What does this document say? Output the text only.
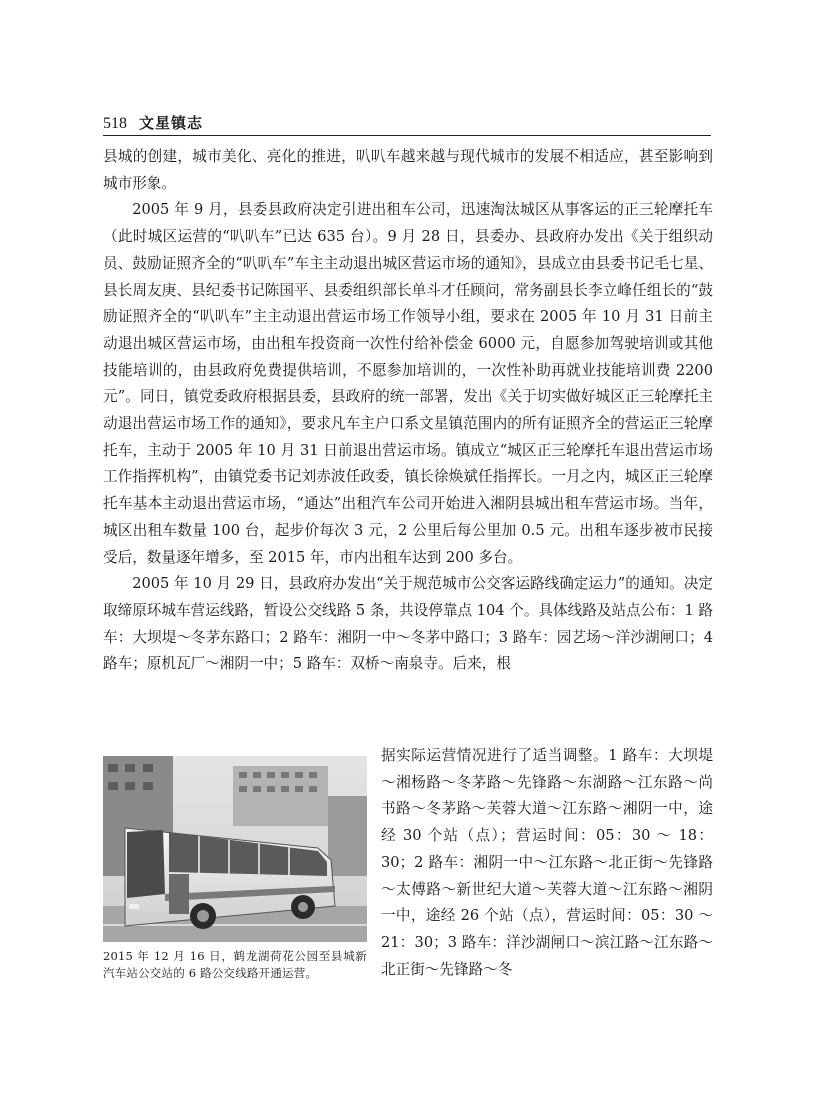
518 文星镇志

县城的创建，城市美化、亮化的推进，叭叭车越来越与现代城市的发展不相适应，甚至影响到城市形象。

2005 年 9 月，县委县政府决定引进出租车公司，迅速淘汰城区从事客运的正三轮摩托车（此时城区运营的“叭叭车”已达 635 台）。9 月 28 日，县委办、县政府办发出《关于组织动员、鼓励证照齐全的“叭叭车”车主主动退出城区营运市场的通知》，县成立由县委书记毛七星、县长周友庚、县纪委书记陈国平、县委组织部长单斗才任顾问，常务副县长李立峰任组长的“鼓励证照齐全的“叭叭车”主主动退出营运市场工作领导小组，要求在 2005 年 10 月 31 日前主动退出城区营运市场，由出租车投资商一次性付给补偿金 6000 元，自愿参加驾驶培训或其他技能培训的，由县政府免费提供培训，不愿参加培训的，一次性补助再就业技能培训费 2200 元”。同日，镇党委政府根据县委，县政府的统一部署，发出《关于切实做好城区正三轮摩托主动退出营运市场工作的通知》，要求凡车主户口系文星镇范围内的所有证照齐全的营运正三轮摩托车，主动于 2005 年 10 月 31 日前退出营运市场。镇成立“城区正三轮摩托车退出营运市场工作指挥机构”，由镇党委书记刘赤波任政委，镇长徐焕斌任指挥长。一月之内，城区正三轮摩托车基本主动退出营运市场，“通达”出租汽车公司开始进入湘阴县城出租车营运市场。当年，城区出租车数量 100 台，起步价每次 3 元，2 公里后每公里加 0.5 元。出租车逐步被市民接受后，数量逐年增多，至 2015 年，市内出租车达到 200 多台。

2005 年 10 月 29 日，县政府办发出“关于规范城市公交客运路线确定运力”的通知。决定取缔原环城车营运线路，暂设公交线路 5 条，共设停靠点 104 个。具体线路及站点公布：1 路车：大坝堤～冬茅东路口；2 路车：湘阴一中～冬茅中路口；3 路车：园艺场～洋沙湖闸口；4 路车；原机瓦厂～湘阴一中；5 路车：双桥～南泉寺。后来，根

2015 年 12 月 16 日，鹤龙湖荷花公园至县城新汽车站公交站的 6 路公交线路开通运营。
据实际运营情况进行了适当调整。1 路车：大坝堤～湘杨路～冬茅路～先锋路～东湖路～江东路～尚书路～冬茅路～芙蓉大道～江东路～湘阴一中，途经 30 个站（点）；营运时间：05：30 ～ 18：30；2 路车：湘阴一中～江东路～北正街～先锋路～太傅路～新世纪大道～芙蓉大道～江东路～湘阴一中，途经 26 个站（点），营运时间：05：30 ～ 21：30；3 路车：洋沙湖闸口～滨江路～江东路～北正街～先锋路～冬
